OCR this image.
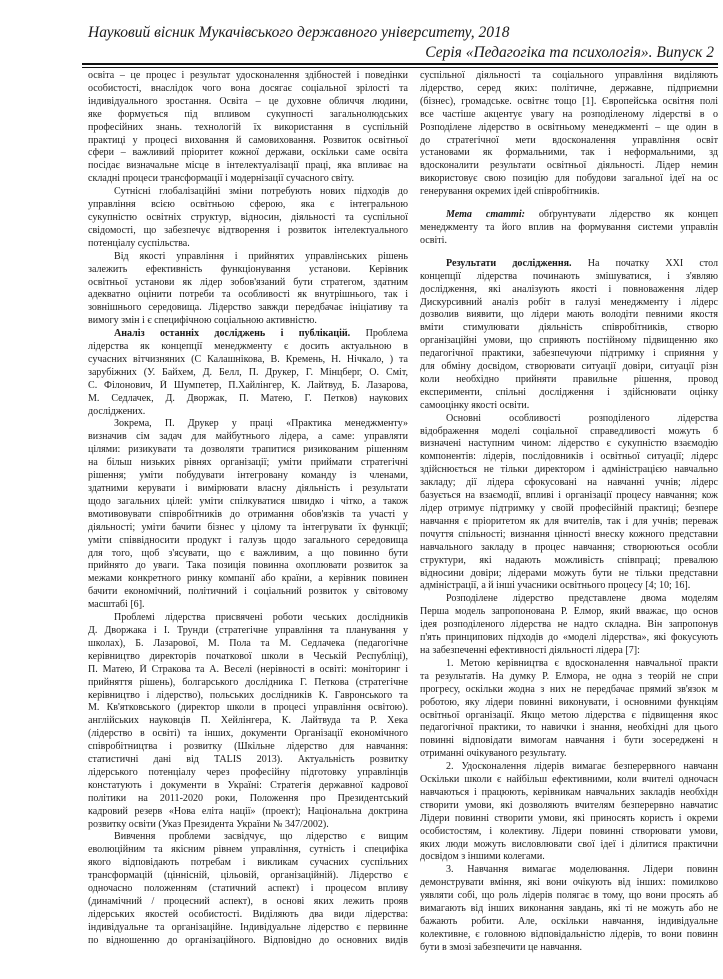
Науковий вісник Мукачівського державного університету, 2018
Серія «Педагогіка та психологія». Випуск 2
освіта – це процес і результат удосконалення здібностей і поведінки
особистості, внаслідок чого вона досягає соціальної зрілості та
індивідуального зростання. Освіта – це духовне обличчя людини,
яке формується під впливом сукупності загальнолюдських
професійних знань. технологій їх використання в суспільній
практиці у процесі виховання й самовиховання. Розвиток освітньої
сфери – важливий пріоритет кожної держави, оскільки саме освіта
посідає визначальне місце в інтелектуалізації праці, яка впливає на
складні процеси трансформації і модернізації сучасного світу.
Сутнісні глобалізаційні зміни потребують нових підходів до
управління всією освітньою сферою, яка є інтегральною
сукупністю освітніх структур, відносин, діяльності та суспільної
свідомості, що забезпечує відтворення і розвиток інтелектуального
потенціалу суспільства.
Від якості управління і прийнятих управлінських рішень
залежить ефективність функціонування установи. Керівник
освітньої установи як лідер зобов'язаний бути стратегом, здатним
адекватно оцінити потреби та особливості як внутрішнього, так і
зовнішнього середовища. Лідерство завжди передбачає ініціативу та
вимогу змін і є специфічною соціальною активністю.
Аналіз останніх досліджень і публікацій. Проблема
лідерства як концепції менеджменту є досить актуальною в
сучасних вітчизняних (С Калашнікова, В. Кремень, Н. Нічкало, ) та
зарубіжних (У. Байхем, Д. Белл, П. Друкер, Г. Мінцберг, О. Сміт,
С. Філонович, Й Шумпетер, П.Хайлінгер, К. Лайтвуд, Б. Лазарова,
М. Седлачек, Д. Дворжак, П. Матею, Г. Петков) наукових
досліджених.
Зокрема, П. Друкер у праці «Практика менеджменту»
визначив сім задач для майбутнього лідера, а саме: управляти
цілями: ризикувати та дозволяти трапитися ризикованим рішенням
на більш низьких рівнях організації; уміти приймати стратегічні
рішення; уміти побудувати інтегровану команду із членами,
здатними керувати і вимірювати власну діяльність і результати
щодо загальних цілей: уміти спілкуватися швидко і чітко, а також
вмотивовувати співробітників до отримання обов'язків та участі у
діяльності; уміти бачити бізнес у цілому та інтегрувати їх функції;
уміти співвідносити продукт і галузь щодо загального середовища
для того, щоб з'ясувати, що є важливим, а що повинно бути
прийнято до уваги. Така позиція повинна охоплювати розвиток за
межами конкретного ринку компанії або країни, а керівник повинен
бачити економічний, політичний і соціальний розвиток у світовому
масштабі [6].
Проблемі лідерства присвячені роботи чеських дослідників
Д. Дворжака і І. Трунди (стратегічне управління та планування у
школах), Б. Лазарової, М. Пола та М. Седлачека (педагогічне
керівництво директорів початкової школи в Чеській Республіці),
П. Матею, Й Стракова та А. Веселі (нерівності в освіті: моніторинг і
прийняття рішень), болгарського дослідника Г. Петкова (стратегічне
керівництво і лідерство), польських дослідників К. Гавронського та
М. Кв'ятковського (директор школи в процесі управління освітою).
англійських науковців П. Хейлінгера, К. Лайтвуда та Р. Хека
(лідерство в освіті) та інших, документи Організації економічного
співробітництва і розвитку (Шкільне лідерство для навчання:
статистичні дані від TALIS 2013). Актуальність розвитку
лідерського потенціалу через професійну підготовку управлінців
констатують і документи в Україні: Стратегія державної кадрової
політики на 2011-2020 роки, Положення про Президентський
кадровий резерв «Нова еліта нації» (проект); Національна доктрина
розвитку освіти (Указ Президента України № 347/2002).
Вивчення проблеми засвідчує, що лідерство є вищим
еволюційним та якісним рівнем управління, сутність і специфіка
якого відповідають потребам і викликам сучасних суспільних
трансформацій (ціннісній, цільовій, організаційній). Лідерство є
одночасно положенням (статичний аспект) і процесом впливу
(динамічний / процесний аспект), в основі яких лежить прояв
лідерських якостей особистості. Виділяють два види лідерства:
індивідуальне та організаційне. Індивідуальне лідерство є первинне
по відношенню до організаційного. Відповідно до основних видів
суспільної діяльності та соціального управління виділяють
лідерство, серед яких: політичне, державне, підприємни
(бізнес), громадське. освітнє тощо [1]. Європейська освітня полі
все частіше акцентує увагу на розподіленому лідерстві в о
Розподілене лідерство в освітньому менеджменті – ще один в
до стратегічної мети вдосконалення управління освіт
установами як формальними, так і неформальними, зд
вдосконалити результати освітньої діяльності. Лідер немин
використовує свою позицію для побудови загальної ідеї на ос
генерування окремих ідей співробітників.
Мета статті: обґрунтувати лідерство як концеп
менеджменту та його вплив на формування системи управлін
освіті.
Результати дослідження. На початку XXI стол
концепції лідерства починають змішуватися, і з'являю
дослідження, які аналізують якості і повноваження лідер
Дискурсивний аналіз робіт в галузі менеджменту і лідерс
дозволив виявити, що лідери мають володіти певними якостя
вміти стимулювати діяльність співробітників, створю
організаційні умови, що сприяють постійному підвищенню яко
педагогічної практики, забезпечуючи підтримку і сприяння у
для обміну досвідом, створювати ситуації довіри, ситуації різн
коли необхідно прийняти правильне рішення, провод
експерименти, спільні дослідження і здійснювати оцінку
самооцінку якості освіти.
Основні особливості розподіленого лідерства
відображення моделі соціальної справедливості можуть б
визначені наступним чином: лідерство є сукупністю взаємодію
компонентів: лідерів, послідовників і освітньої ситуації; лідерс
здійснюється не тільки директором і адміністрацією навчально
закладу; дії лідера сфокусовані на навчанні учнів; лідерс
базується на взаємодії, впливі і організації процесу навчання; кож
лідер отримує підтримку у своїй професійній практиці; безпере
навчання є пріоритетом як для вчителів, так і для учнів; переваж
почуття спільності; визнання цінності внеску кожного представни
навчального закладу в процес навчання; створюються особли
структури, які надають можливість співпраці; превалюю
відносини довіри; лідерами можуть бути не тільки представни
адміністрації, а й інші учасники освітнього процесу [4; 10; 16].
Розподілене лідерство представлене двома моделям
Перша модель запропонована Р. Елмор, який вважає, що основ
ідея розподіленого лідерства не надто складна. Він запропонув
п'ять принципових підходів до «моделі лідерства», які фокусують
на забезпеченні ефективності діяльності лідера [7]:
1. Метою керівництва є вдосконалення навчальної практи
та результатів. На думку Р. Елмора, не одна з теорій не спри
прогресу, оскільки жодна з них не передбачає прямий зв'язок м
роботою, яку лідери повинні виконувати, і основними функціям
освітньої організації. Якщо метою лідерства є підвищення якос
педагогічної практики, то навички і знання, необхідні для цього
повинні відповідати вимогам навчання і бути зосереджені н
отриманні очікуваного результату.
2. Удосконалення лідерів вимагає безперервного навчанн
Оскільки школи є найбільш ефективними, коли вчителі одночасн
навчаються і працюють, керівникам навчальних закладів необхідн
створити умови, які дозволяють вчителям безперервно навчатис
Лідери повинні створити умови, які приносять користь і окреми
особистостям, і колективу. Лідери повинні створювати умови,
яких люди можуть висловлювати свої ідеї і ділитися практични
досвідом з іншими колегами.
3. Навчання вимагає моделювання. Лідери повинн
демонструвати вміння, які вони очікують від інших: помилково
уявляти собі, що роль лідерів полягає в тому, що вони просять аб
вимагають від інших виконання завдань, які ті не можуть або не
бажають робити. Але, оскільки навчання, індивідуальне
колективне, є головною відповідальністю лідерів, то вони повинн
бути в змозі забезпечити це навчання.
